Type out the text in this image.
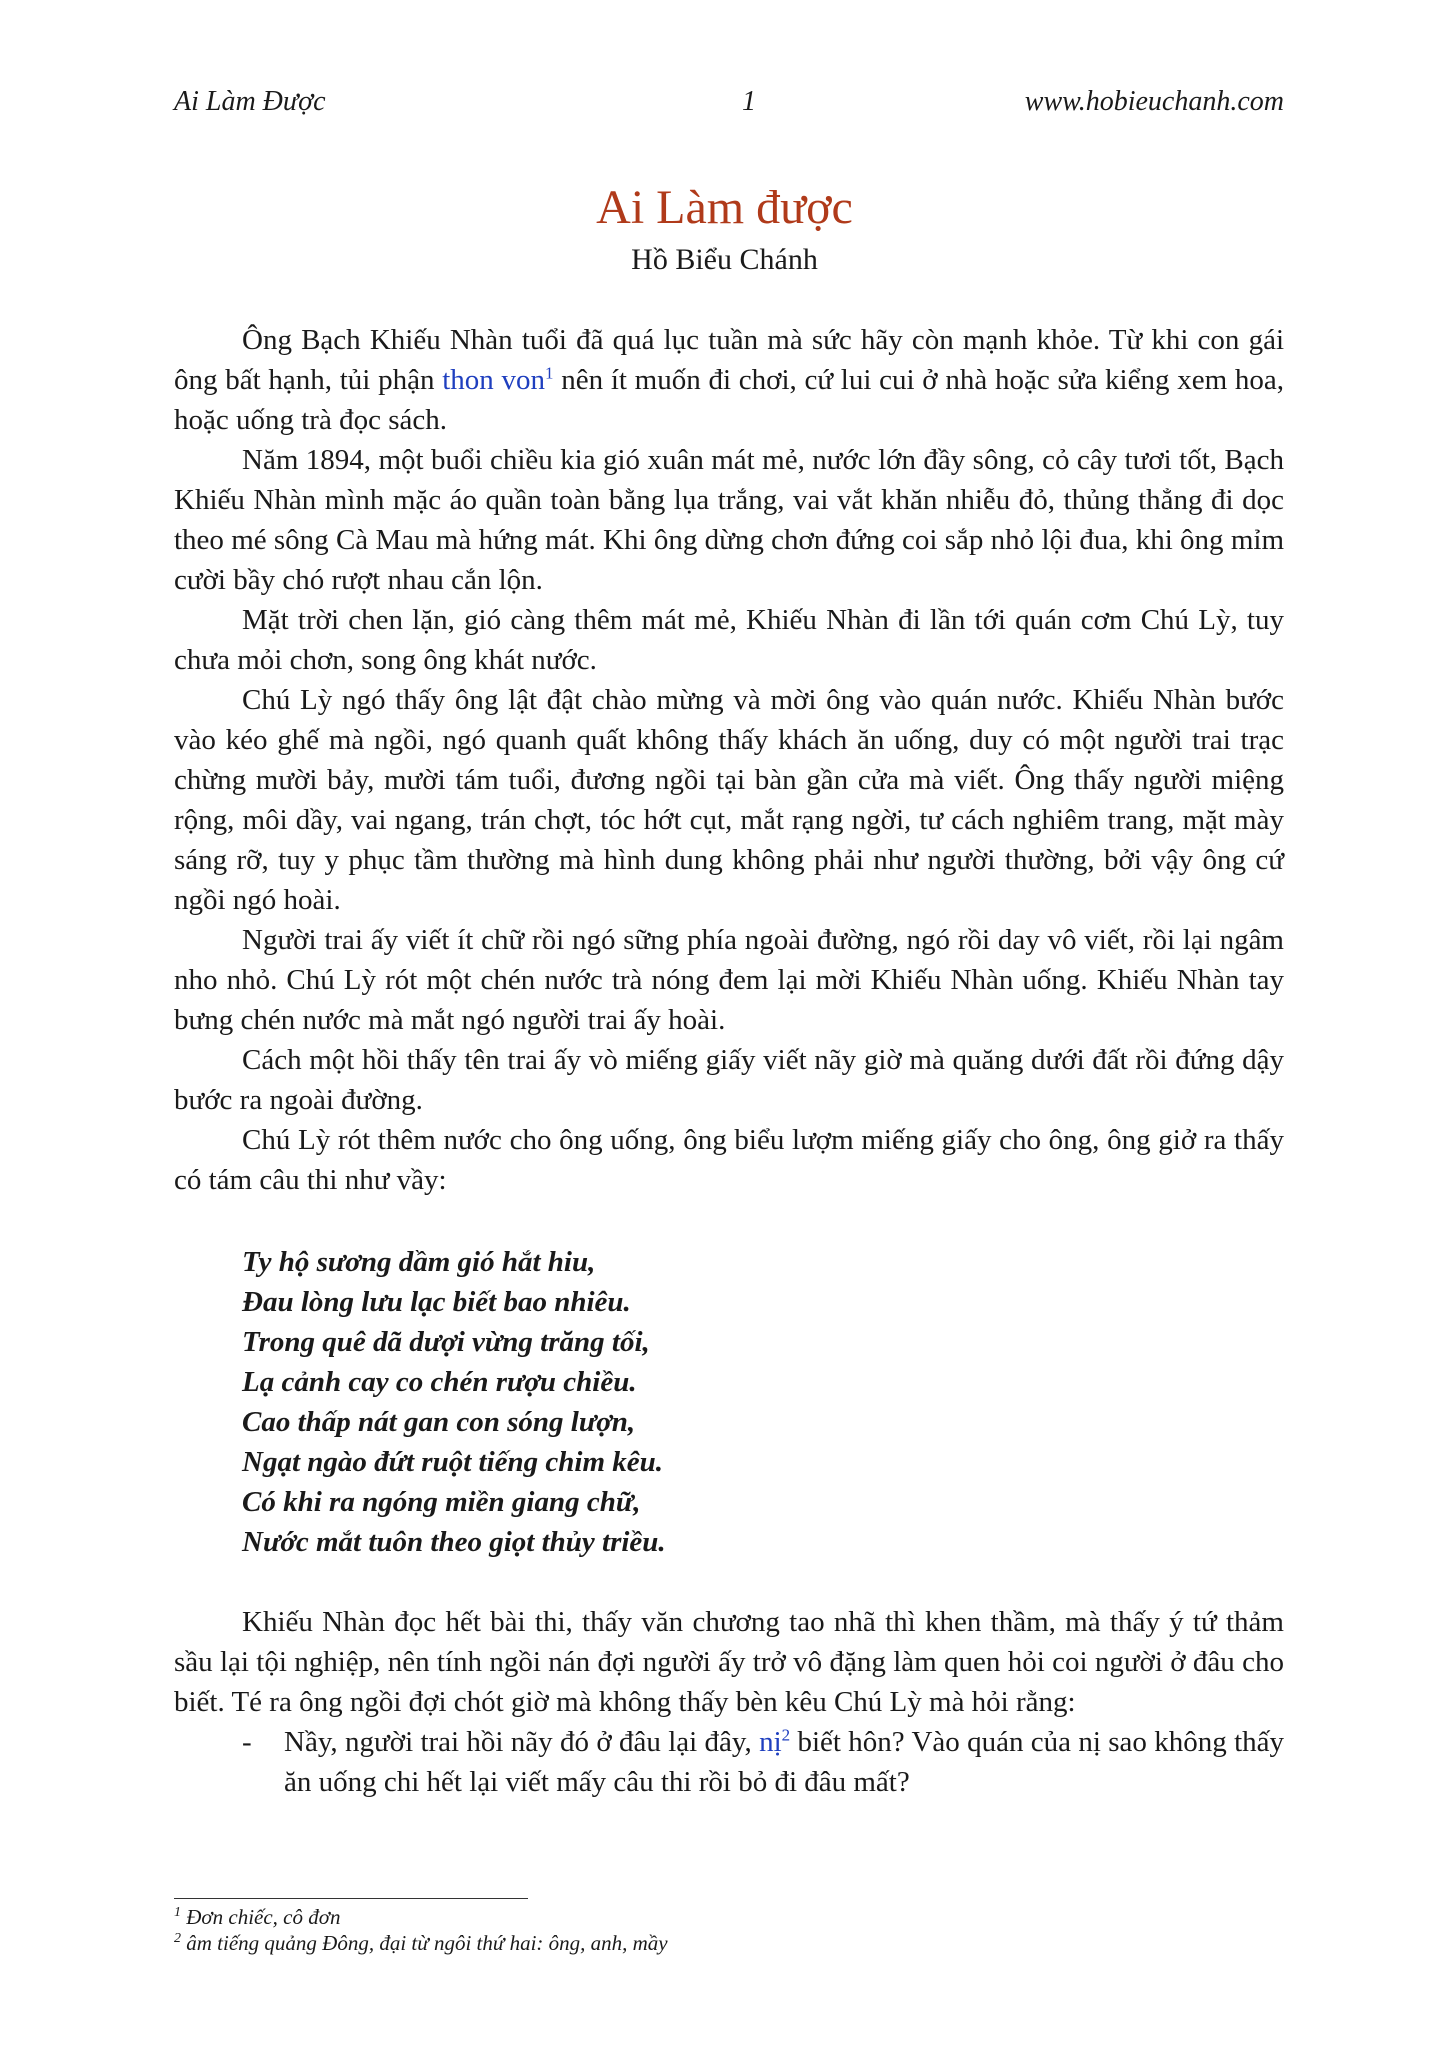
Ai Làm Được	1	www.hobieuchanh.com
Ai Làm được
Hồ Biểu Chánh

Ông Bạch Khiếu Nhàn tuổi đã quá lục tuần mà sức hãy còn mạnh khỏe. Từ khi con gái ông bất hạnh, tủi phận thon von$^1$ nên ít muốn đi chơi, cứ lui cui ở nhà hoặc sửa kiểng xem hoa, hoặc uống trà đọc sách.

Năm 1894, một buổi chiều kia gió xuân mát mẻ, nước lớn đầy sông, cỏ cây tươi tốt, Bạch Khiếu Nhàn mình mặc áo quần toàn bằng lụa trắng, vai vắt khăn nhiễu đỏ, thủng thẳng đi dọc theo mé sông Cà Mau mà hứng mát. Khi ông dừng chơn đứng coi sắp nhỏ lội đua, khi ông mỉm cười bầy chó rượt nhau cắn lộn.

Mặt trời chen lặn, gió càng thêm mát mẻ, Khiếu Nhàn đi lần tới quán cơm Chú Lỳ, tuy chưa mỏi chơn, song ông khát nước.

Chú Lỳ ngó thấy ông lật đật chào mừng và mời ông vào quán nước. Khiếu Nhàn bước vào kéo ghế mà ngồi, ngó quanh quất không thấy khách ăn uống, duy có một người trai trạc chừng mười bảy, mười tám tuổi, đương ngồi tại bàn gần cửa mà viết. Ông thấy người miệng rộng, môi dầy, vai ngang, trán chợt, tóc hớt cụt, mắt rạng ngời, tư cách nghiêm trang, mặt mày sáng rỡ, tuy y phục tầm thường mà hình dung không phải như người thường, bởi vậy ông cứ ngồi ngó hoài.

Người trai ấy viết ít chữ rồi ngó sững phía ngoài đường, ngó rồi day vô viết, rồi lại ngâm nho nhỏ. Chú Lỳ rót một chén nước trà nóng đem lại mời Khiếu Nhàn uống. Khiếu Nhàn tay bưng chén nước mà mắt ngó người trai ấy hoài.

Cách một hồi thấy tên trai ấy vò miếng giấy viết nãy giờ mà quăng dưới đất rồi đứng dậy bước ra ngoài đường.

Chú Lỳ rót thêm nước cho ông uống, ông biểu lượm miếng giấy cho ông, ông giở ra thấy có tám câu thi như vầy:

Ty hộ sương dầm gió hắt hiu,
Đau lòng lưu lạc biết bao nhiêu.
Trong quê dã dượi vừng trăng tối,
Lạ cảnh cay co chén rượu chiều.
Cao thấp nát gan con sóng lượn,
Ngạt ngào đứt ruột tiếng chim kêu.
Có khi ra ngóng miền giang chữ,
Nước mắt tuôn theo giọt thủy triều.

Khiếu Nhàn đọc hết bài thi, thấy văn chương tao nhã thì khen thầm, mà thấy ý tứ thảm sầu lại tội nghiệp, nên tính ngồi nán đợi người ấy trở vô đặng làm quen hỏi coi người ở đâu cho biết. Té ra ông ngồi đợi chót giờ mà không thấy bèn kêu Chú Lỳ mà hỏi rằng:

-	Nầy, người trai hồi nãy đó ở đâu lại đây, nị$^2$ biết hôn? Vào quán của nị sao không thấy ăn uống chi hết lại viết mấy câu thi rồi bỏ đi đâu mất?
$^1$ Đơn chiếc, cô đơn
$^2$ âm tiếng quảng Đông, đại từ ngôi thứ hai: ông, anh, mầy
